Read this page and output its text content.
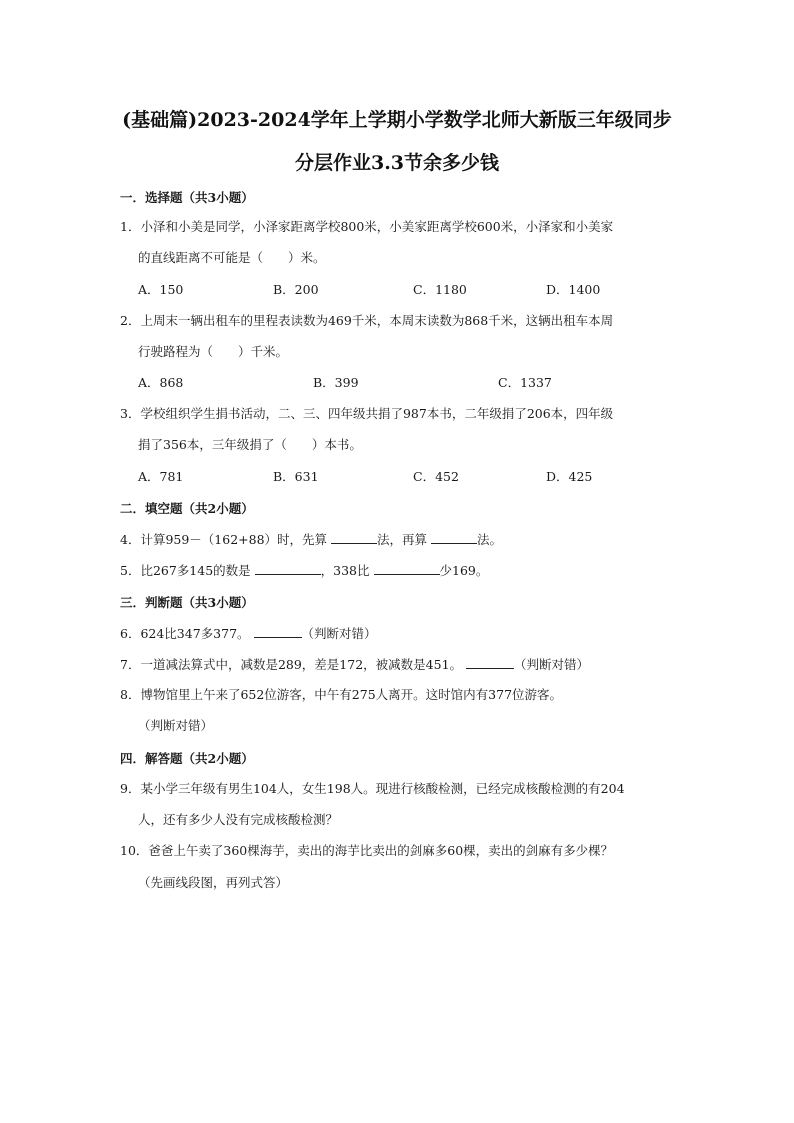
(基础篇)2023-2024学年上学期小学数学北师大新版三年级同步
分层作业3.3节余多少钱
一．选择题（共3小题）
1．小泽和小美是同学，小泽家距离学校800米，小美家距离学校600米，小泽家和小美家
的直线距离不可能是（　　）米。
A．150	B．200	C．1180	D．1400
2．上周末一辆出租车的里程表读数为469千米，本周末读数为868千米，这辆出租车本周
行驶路程为（　　）千米。
A．868	B．399	C．1337
3．学校组织学生捐书活动，二、三、四年级共捐了987本书，二年级捐了206本，四年级
捐了356本，三年级捐了（　　）本书。
A．781	B．631	C．452	D．425
二．填空题（共2小题）
4．计算959－（162+88）时，先算	法，再算	法。
5．比267多145的数是	，338比	少169。
三．判断题（共3小题）
6．624比347多377。	（判断对错）
7．一道减法算式中，减数是289，差是172，被减数是451。	（判断对错）
8．博物馆里上午来了652位游客，中午有275人离开。这时馆内有377位游客。
（判断对错）
四．解答题（共2小题）
9．某小学三年级有男生104人，女生198人。现进行核酸检测，已经完成核酸检测的有204
人，还有多少人没有完成核酸检测？
10．爸爸上午卖了360棵海芋，卖出的海芋比卖出的剑麻多60棵，卖出的剑麻有多少棵？
（先画线段图，再列式答）
